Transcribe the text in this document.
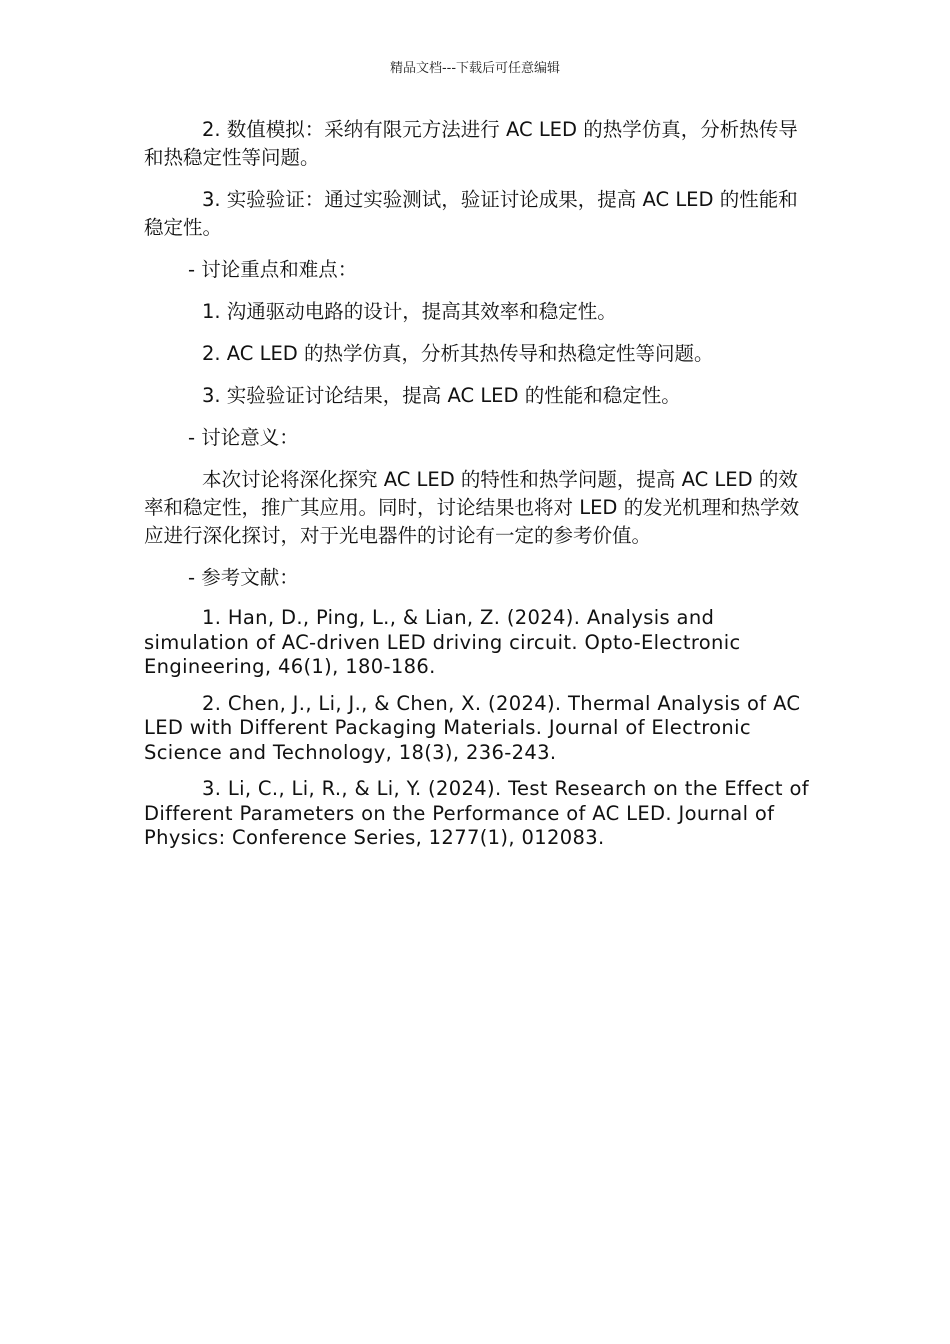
精品文档---下载后可任意编辑

2. 数值模拟：采纳有限元方法进行 AC LED 的热学仿真，分析热传导和热稳定性等问题。

3. 实验验证：通过实验测试，验证讨论成果，提高 AC LED 的性能和稳定性。

- 讨论重点和难点：

1. 沟通驱动电路的设计，提高其效率和稳定性。

2. AC LED 的热学仿真，分析其热传导和热稳定性等问题。

3. 实验验证讨论结果，提高 AC LED 的性能和稳定性。

- 讨论意义：

本次讨论将深化探究 AC LED 的特性和热学问题，提高 AC LED 的效率和稳定性，推广其应用。同时，讨论结果也将对 LED 的发光机理和热学效应进行深化探讨，对于光电器件的讨论有一定的参考价值。

- 参考文献：

1. Han, D., Ping, L., & Lian, Z. (2024). Analysis and simulation of AC-driven LED driving circuit. Opto-Electronic Engineering, 46(1), 180-186.

2. Chen, J., Li, J., & Chen, X. (2024). Thermal Analysis of AC LED with Different Packaging Materials. Journal of Electronic Science and Technology, 18(3), 236-243.

3. Li, C., Li, R., & Li, Y. (2024). Test Research on the Effect of Different Parameters on the Performance of AC LED. Journal of Physics: Conference Series, 1277(1), 012083.
